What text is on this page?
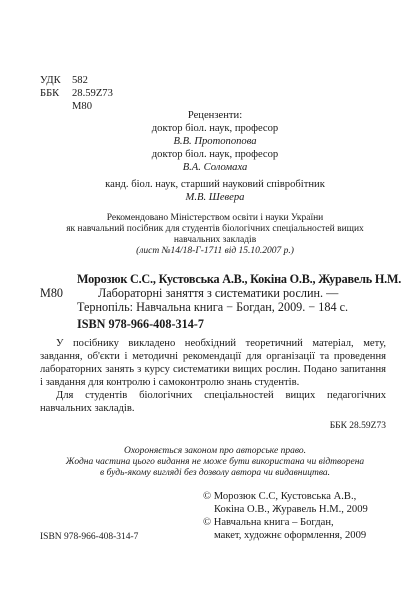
УДК 582
ББК 28.59Z73
М80
Рецензенти:
доктор біол. наук, професор
В.В. Протопопова
доктор біол. наук, професор
В.А. Соломаха
канд. біол. наук, старший науковий співробітник
М.В. Шевера
Рекомендовано Міністерством освіти і науки України
як навчальний посібник для студентів біологічних спеціальностей вищих
навчальних закладів
(лист №14/18-Г-1711 від 15.10.2007 р.)
Морозюк С.С., Кустовська А.В., Кокіна О.В., Журавель Н.М.
М80	Лабораторні заняття з систематики рослин. —
Тернопіль: Навчальна книга − Богдан, 2009. − 184 с.
ISBN 978-966-408-314-7
У посібнику викладено необхідний теоретичний матеріал, мету, завдання, об'єкти і методичні рекомендації для організації та проведення лабораторних занять з курсу систематики вищих рослин. Подано запитання і завдання для контролю і самоконтролю знань студентів.
Для студентів біологічних спеціальностей вищих педагогічних навчальних закладів.
ББК 28.59Z73
Охороняється законом про авторське право.
Жодна частина цього видання не може бути використана чи відтворена
в будь-якому вигляді без дозволу автора чи видавництва.
ISBN 978-966-408-314-7
© Морозюк С.С, Кустовська А.В.,
Кокіна О.В., Журавель Н.М., 2009
© Навчальна книга – Богдан,
макет, художнє оформлення, 2009
